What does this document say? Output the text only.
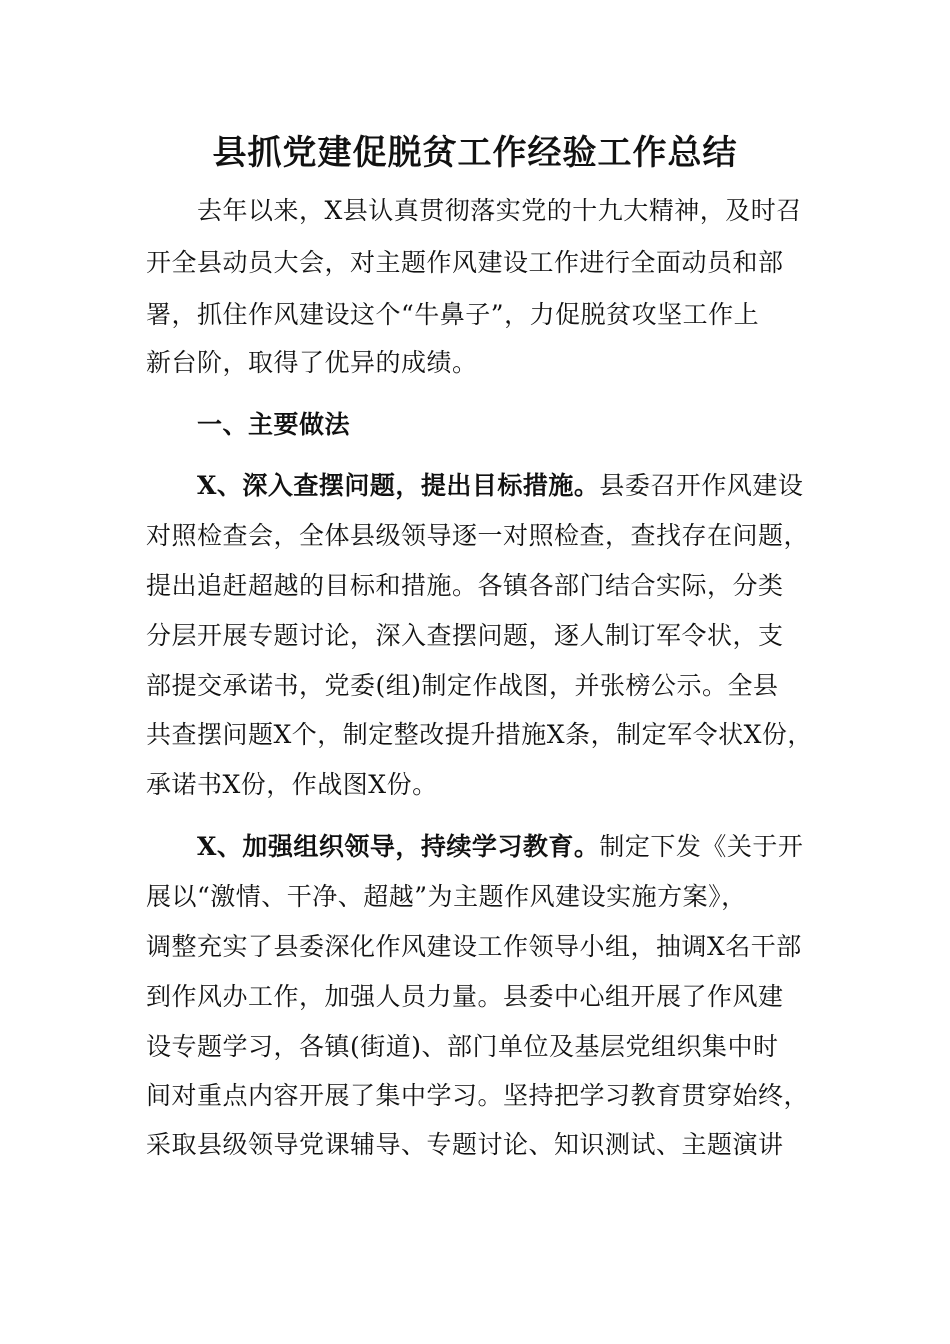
县抓党建促脱贫工作经验工作总结
去年以来，X县认真贯彻落实党的十九大精神，及时召
开全县动员大会，对主题作风建设工作进行全面动员和部
署，抓住作风建设这个“牛鼻子”，力促脱贫攻坚工作上
新台阶，取得了优异的成绩。
一、主要做法
X、深入查摆问题，提出目标措施。县委召开作风建设
对照检查会，全体县级领导逐一对照检查，查找存在问题，
提出追赶超越的目标和措施。各镇各部门结合实际，分类
分层开展专题讨论，深入查摆问题，逐人制订军令状，支
部提交承诺书，党委(组)制定作战图，并张榜公示。全县
共查摆问题X个，制定整改提升措施X条，制定军令状X份，
承诺书X份，作战图X份。
X、加强组织领导，持续学习教育。制定下发《关于开
展以“激情、干净、超越”为主题作风建设实施方案》，
调整充实了县委深化作风建设工作领导小组，抽调X名干部
到作风办工作，加强人员力量。县委中心组开展了作风建
设专题学习，各镇(街道)、部门单位及基层党组织集中时
间对重点内容开展了集中学习。坚持把学习教育贯穿始终，
采取县级领导党课辅导、专题讨论、知识测试、主题演讲
